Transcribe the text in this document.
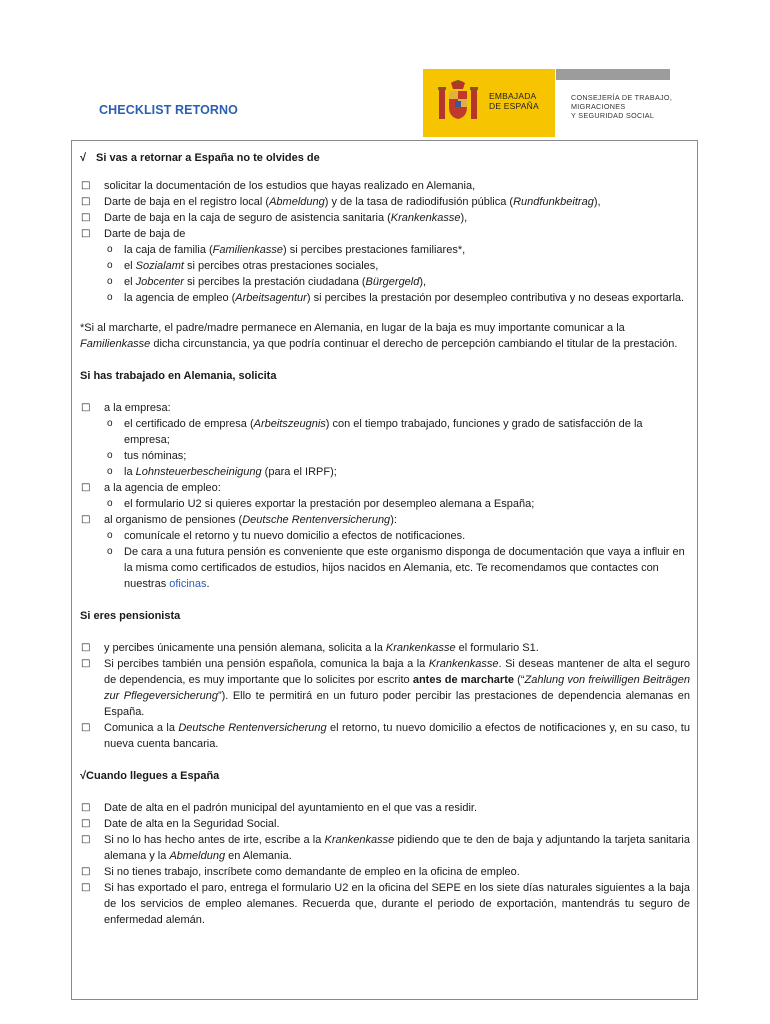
CHECKLIST RETORNO
EMBAJADA
DE ESPAÑA
CONSEJERÍA DE TRABAJO,
MIGRACIONES
Y SEGURIDAD SOCIAL

√ Si vas a retornar a España no te olvides de

□ solicitar la documentación de los estudios que hayas realizado en Alemania,
□ Darte de baja en el registro local (Abmeldung) y de la tasa de radiodifusión pública (Rundfunkbeitrag),
□ Darte de baja en la caja de seguro de asistencia sanitaria (Krankenkasse),
□ Darte de baja de
o la caja de familia (Familienkasse) si percibes prestaciones familiares*,
o el Sozialamt si percibes otras prestaciones sociales,
o el Jobcenter si percibes la prestación ciudadana (Bürgergeld),
o la agencia de empleo (Arbeitsagentur) si percibes la prestación por desempleo contributiva y no deseas exportarla.

*Si al marcharte, el padre/madre permanece en Alemania, en lugar de la baja es muy importante comunicar a la Familienkasse dicha circunstancia, ya que podría continuar el derecho de percepción cambiando el titular de la prestación.

Si has trabajado en Alemania, solicita

□ a la empresa:
o el certificado de empresa (Arbeitszeugnis) con el tiempo trabajado, funciones y grado de satisfacción de la empresa;
o tus nóminas;
o la Lohnsteuerbescheinigung (para el IRPF);
□ a la agencia de empleo:
o el formulario U2 si quieres exportar la prestación por desempleo alemana a España;
□ al organismo de pensiones (Deutsche Rentenversicherung):
o comunícale el retorno y tu nuevo domicilio a efectos de notificaciones.
o De cara a una futura pensión es conveniente que este organismo disponga de documentación que vaya a influir en la misma como certificados de estudios, hijos nacidos en Alemania, etc. Te recomendamos que contactes con nuestras oficinas.

Si eres pensionista

□ y percibes únicamente una pensión alemana, solicita a la Krankenkasse el formulario S1.
□ Si percibes también una pensión española, comunica la baja a la Krankenkasse. Si deseas mantener de alta el seguro de dependencia, es muy importante que lo solicites por escrito antes de marcharte (“Zahlung von freiwilligen Beiträgen zur Pflegeversicherung”). Ello te permitirá en un futuro poder percibir las prestaciones de dependencia alemanas en España.
□ Comunica a la Deutsche Rentenversicherung el retorno, tu nuevo domicilio a efectos de notificaciones y, en su caso, tu nueva cuenta bancaria.

√Cuando llegues a España

□ Date de alta en el padrón municipal del ayuntamiento en el que vas a residir.
□ Date de alta en la Seguridad Social.
□ Si no lo has hecho antes de irte, escribe a la Krankenkasse pidiendo que te den de baja y adjuntando la tarjeta sanitaria alemana y la Abmeldung en Alemania.
□ Si no tienes trabajo, inscríbete como demandante de empleo en la oficina de empleo.
□ Si has exportado el paro, entrega el formulario U2 en la oficina del SEPE en los siete días naturales siguientes a la baja de los servicios de empleo alemanes. Recuerda que, durante el periodo de exportación, mantendrás tu seguro de enfermedad alemán.
